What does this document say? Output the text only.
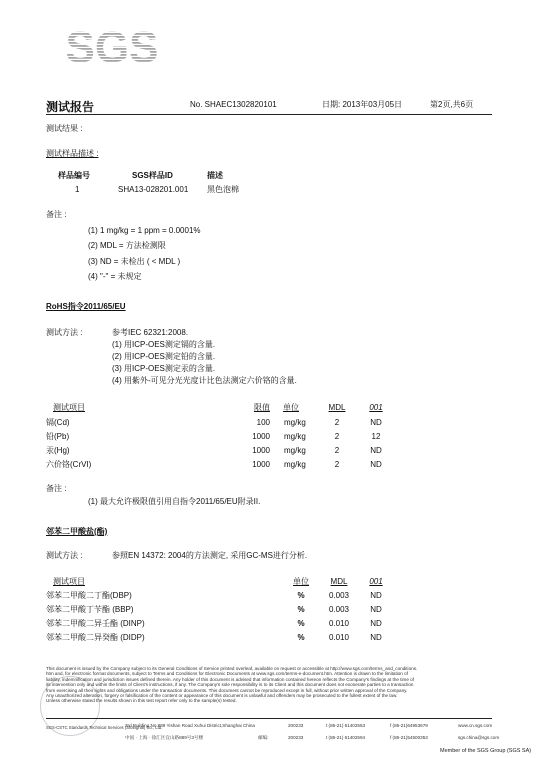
SGS
测试报告	No. SHAEC1302820101	日期: 2013年03月05日	第2页,共6页
测试结果 :
测试样品描述 :
样品编号	SGS样品ID	描述
1	SHA13-028201.001 黑色泡棉
备注 :
(1) 1 mg/kg = 1 ppm = 0.0001%
(2) MDL = 方法检测限
(3) ND = 未检出 ( < MDL )
(4) "-" = 未规定
RoHS指令2011/65/EU
测试方法 :	参考IEC 62321:2008.
(1) 用ICP-OES测定镉的含量.
(2) 用ICP-OES测定铅的含量.
(3) 用ICP-OES测定汞的含量.
(4) 用紫外-可见分光光度计比色法测定六价铬的含量.
测试项目	限值 单位	MDL	001
镉(Cd)	100 mg/kg	2	ND
铅(Pb)	1000 mg/kg	2	12
汞(Hg)	1000 mg/kg	2	ND
六价铬(CrVI)	1000 mg/kg	2	ND
备注 :
(1) 最大允许极限值引用自指令2011/65/EU附录II.
邻苯二甲酸盐(酯)
测试方法 :	参照EN 14372: 2004的方法测定, 采用GC-MS进行分析.
测试项目	单位	MDL	001
邻苯二甲酸二丁酯(DBP)	%	0.003	ND
邻苯二甲酸丁苄酯 (BBP)	%	0.003	ND
邻苯二甲酸二异壬酯 (DINP)	%	0.010	ND
邻苯二甲酸二异癸酯 (DIDP)	%	0.010	ND
This document is issued by the Company subject to its General Conditions of Service printed overleaf, available on request or accessible at http://www.sgs.com/terms_and_conditions.
htm and, for electronic format documents, subject to Terms and Conditions for Electronic Documents at www.sgs.com/terms-e-document.htm. Attention is drawn to the limitation of
liability, indemnification and jurisdiction issues defined therein. Any holder of this document is advised that information contained hereon reflects the Company's findings at the time of
its intervention only and within the limits of Client's instructions, if any. The Company's sole responsibility is to its Client and this document does not exonerate parties to a transaction
from exercising all their rights and obligations under the transaction documents. This document cannot be reproduced except in full, without prior written approval of the Company.
Any unauthorized alteration, forgery or falsification of the content or appearance of this document is unlawful and offenders may be prosecuted to the fullest extent of the law.
Unless otherwise stated the results shown in this test report refer only to the sample(s) tested.
SGS-CSTC Standards Technical Services (Shanghai) Co., Ltd.
3rd Building,No.889 Yishan Road Xuhui District,Shanghai China	200233	t (86-21) 61402553	f (86-21)64953679	www.cn.sgs.com
中国 · 上海 · 徐汇区宜山路889号3号楼	邮编:	200233	t (86-21) 61402594	f (86-21)54500353	sgs.china@sgs.com
Member of the SGS Group (SGS SA)
